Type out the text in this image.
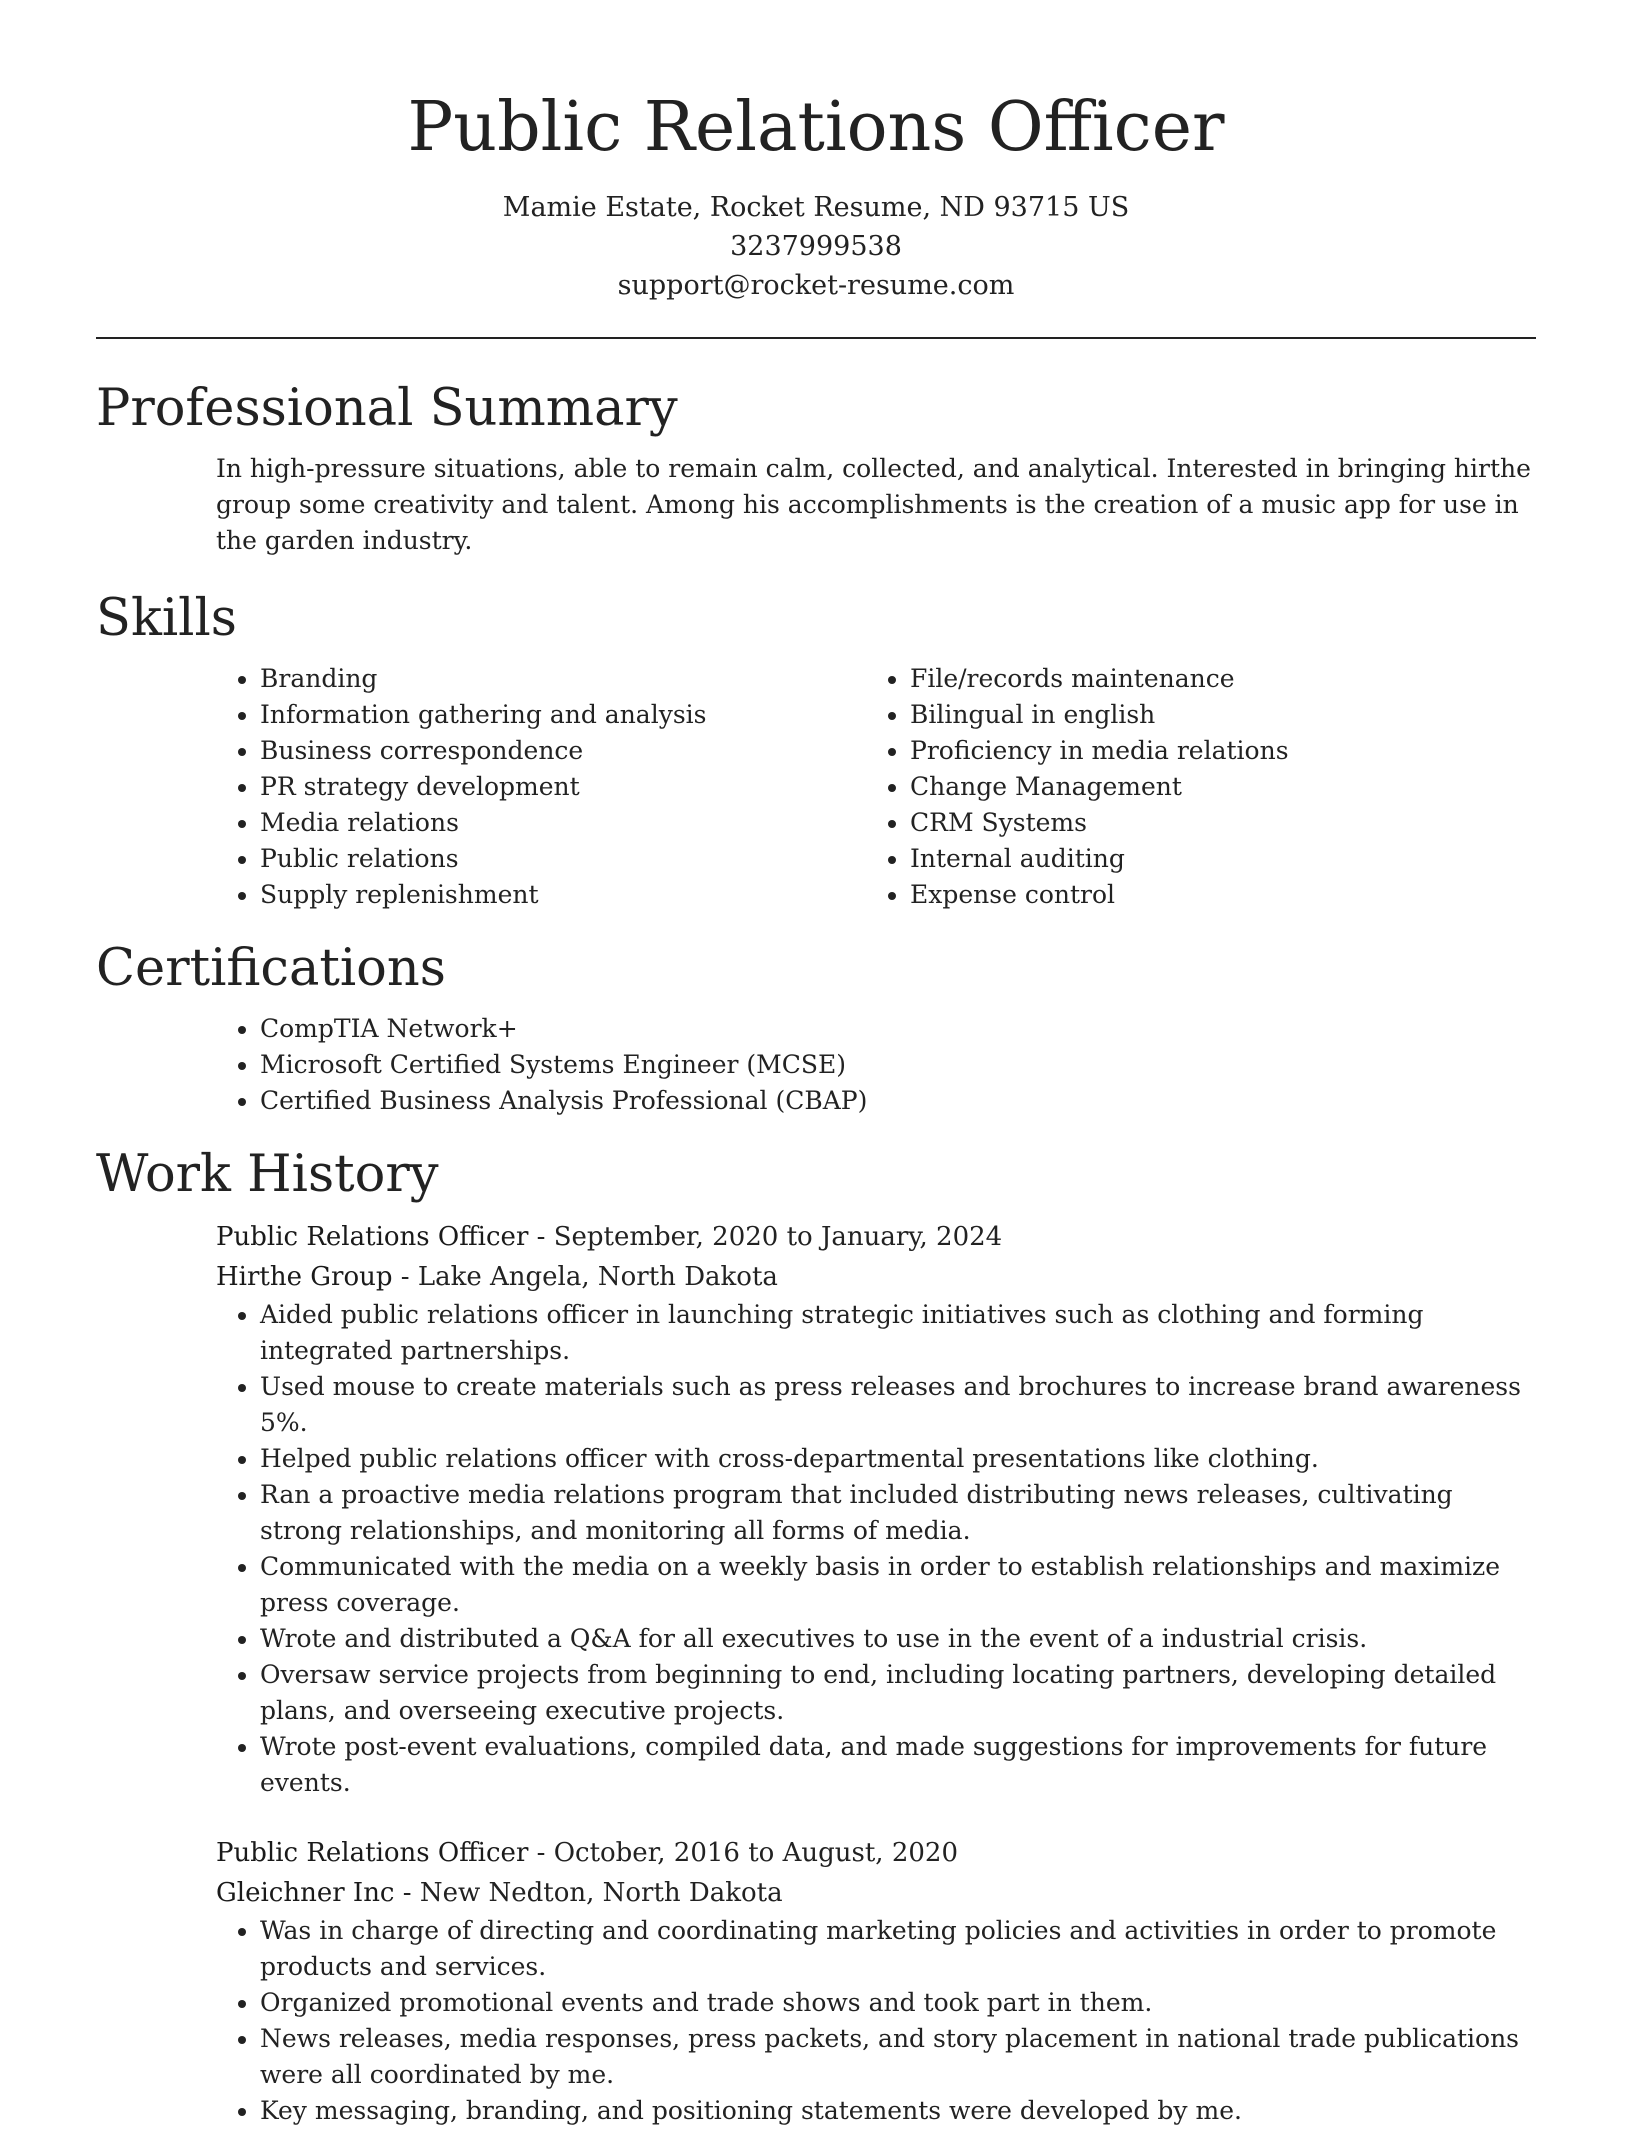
Public Relations Officer
Mamie Estate, Rocket Resume, ND 93715 US
3237999538
support@rocket-resume.com
Professional Summary

In high-pressure situations, able to remain calm, collected, and analytical. Interested in bringing hirthe group some creativity and talent. Among his accomplishments is the creation of a music app for use in the garden industry.

Skills
• Branding
• Information gathering and analysis
• Business correspondence
• PR strategy development
• Media relations
• Public relations
• Supply replenishment
• File/records maintenance
• Bilingual in english
• Proficiency in media relations
• Change Management
• CRM Systems
• Internal auditing
• Expense control
Certifications
• CompTIA Network+
• Microsoft Certified Systems Engineer (MCSE)
• Certified Business Analysis Professional (CBAP)
Work History
Public Relations Officer - September, 2020 to January, 2024
Hirthe Group - Lake Angela, North Dakota
• Aided public relations officer in launching strategic initiatives such as clothing and forming integrated partnerships.
• Used mouse to create materials such as press releases and brochures to increase brand awareness 5%.
• Helped public relations officer with cross-departmental presentations like clothing.
• Ran a proactive media relations program that included distributing news releases, cultivating strong relationships, and monitoring all forms of media.
• Communicated with the media on a weekly basis in order to establish relationships and maximize press coverage.
• Wrote and distributed a Q&A for all executives to use in the event of a industrial crisis.
• Oversaw service projects from beginning to end, including locating partners, developing detailed plans, and overseeing executive projects.
• Wrote post-event evaluations, compiled data, and made suggestions for improvements for future events.
Public Relations Officer - October, 2016 to August, 2020
Gleichner Inc - New Nedton, North Dakota
• Was in charge of directing and coordinating marketing policies and activities in order to promote products and services.
• Organized promotional events and trade shows and took part in them.
• News releases, media responses, press packets, and story placement in national trade publications were all coordinated by me.
• Key messaging, branding, and positioning statements were developed by me.
